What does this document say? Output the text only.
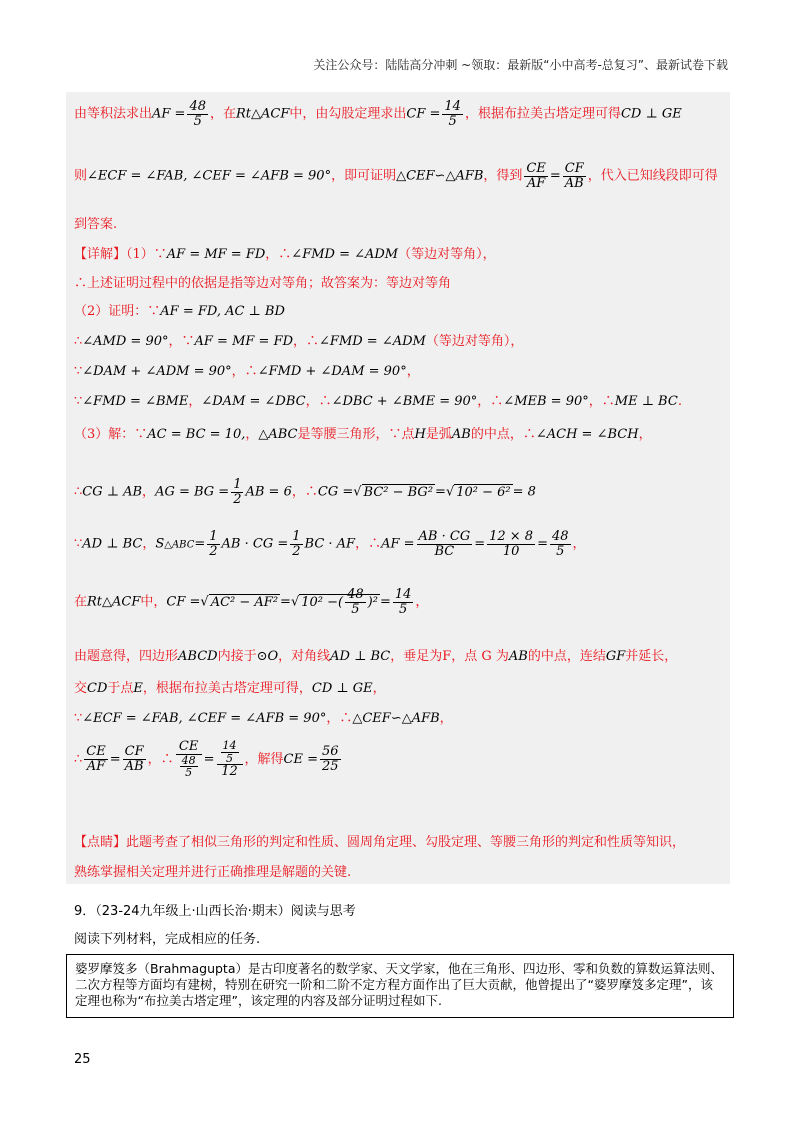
关注公众号：陆陆高分冲刺 ~领取：最新版“小中高考-总复习”、最新试卷下载
由等积法求出AF = $\frac{48}{5}$ ，在Rt△ACF中，由勾股定理求出CF = $\frac{14}{5}$ ，根据布拉美古塔定理可得CD ⊥ GE
则∠ECF = ∠FAB, ∠CEF = ∠AFB = 90°，即可证明△CEF∽△AFB，得到 $\frac{CE}{AF} = \frac{CF}{AB}$ ，代入已知线段即可得
到答案.
【详解】（1）∵AF = MF = FD，∴∠FMD = ∠ADM（等边对等角），
∴上述证明过程中的依据是指等边对等角；故答案为：等边对等角
（2）证明：∵AF = FD, AC ⊥ BD
∴∠AMD = 90°，∵AF = MF = FD，∴∠FMD = ∠ADM（等边对等角），
∵∠DAM + ∠ADM = 90°，∴∠FMD + ∠DAM = 90°，
∵∠FMD = ∠BME，∠DAM = ∠DBC，∴∠DBC + ∠BME = 90°，∴∠MEB = 90°，∴ME ⊥ BC.
（3）解：∵AC = BC = 10,，△ABC是等腰三角形，∵点H是弧AB的中点，∴∠ACH = ∠BCH，
∴CG ⊥ AB，AG = BG = $\frac{1}{2}$ AB = 6，∴CG =√ BC² − BG² =√ 10² − 6² = 8
∵AD ⊥ BC，S△ABC= $\frac{1}{2}$ AB · CG = $\frac{1}{2}$ BC · AF，∴AF = $\frac{AB \cdot CG}{BC} = \frac{12 \times 8}{10} = \frac{48}{5}$ ，
在Rt△ACF中，CF =√ AC² − AF² =√ 10² −( $\frac{48}{5} )^2 = \frac{14}{5}$ ，
由题意得，四边形ABCD内接于⊙O，对角线AD ⊥ BC，垂足为F，点 G 为AB的中点，连结GF并延长，
交CD于点E，根据布拉美古塔定理可得，CD ⊥ GE，
∵∠ECF = ∠FAB, ∠CEF = ∠AFB = 90°，∴△CEF∽△AFB，
∴ $\frac{CE}{AF} = \frac{CF}{AB}$ ，∴ $\frac{CE}{\frac{48}{5}} = \frac{\frac{14}{5}}{12}$ ，解得CE = $\frac{56}{25}$
【点睛】此题考查了相似三角形的判定和性质、圆周角定理、勾股定理、等腰三角形的判定和性质等知识，
熟练掌握相关定理并进行正确推理是解题的关键.
9．（23-24九年级上·山西长治·期末）阅读与思考
阅读下列材料，完成相应的任务.
婆罗摩笈多（Brahmagupta）是古印度著名的数学家、天文学家，他在三角形、四边形、零和负数的算数运算法则、二次方程等方面均有建树，特别在研究一阶和二阶不定方程方面作出了巨大贡献，他曾提出了“婆罗摩笈多定理”，该定理也称为“布拉美古塔定理”，该定理的内容及部分证明过程如下.
25
